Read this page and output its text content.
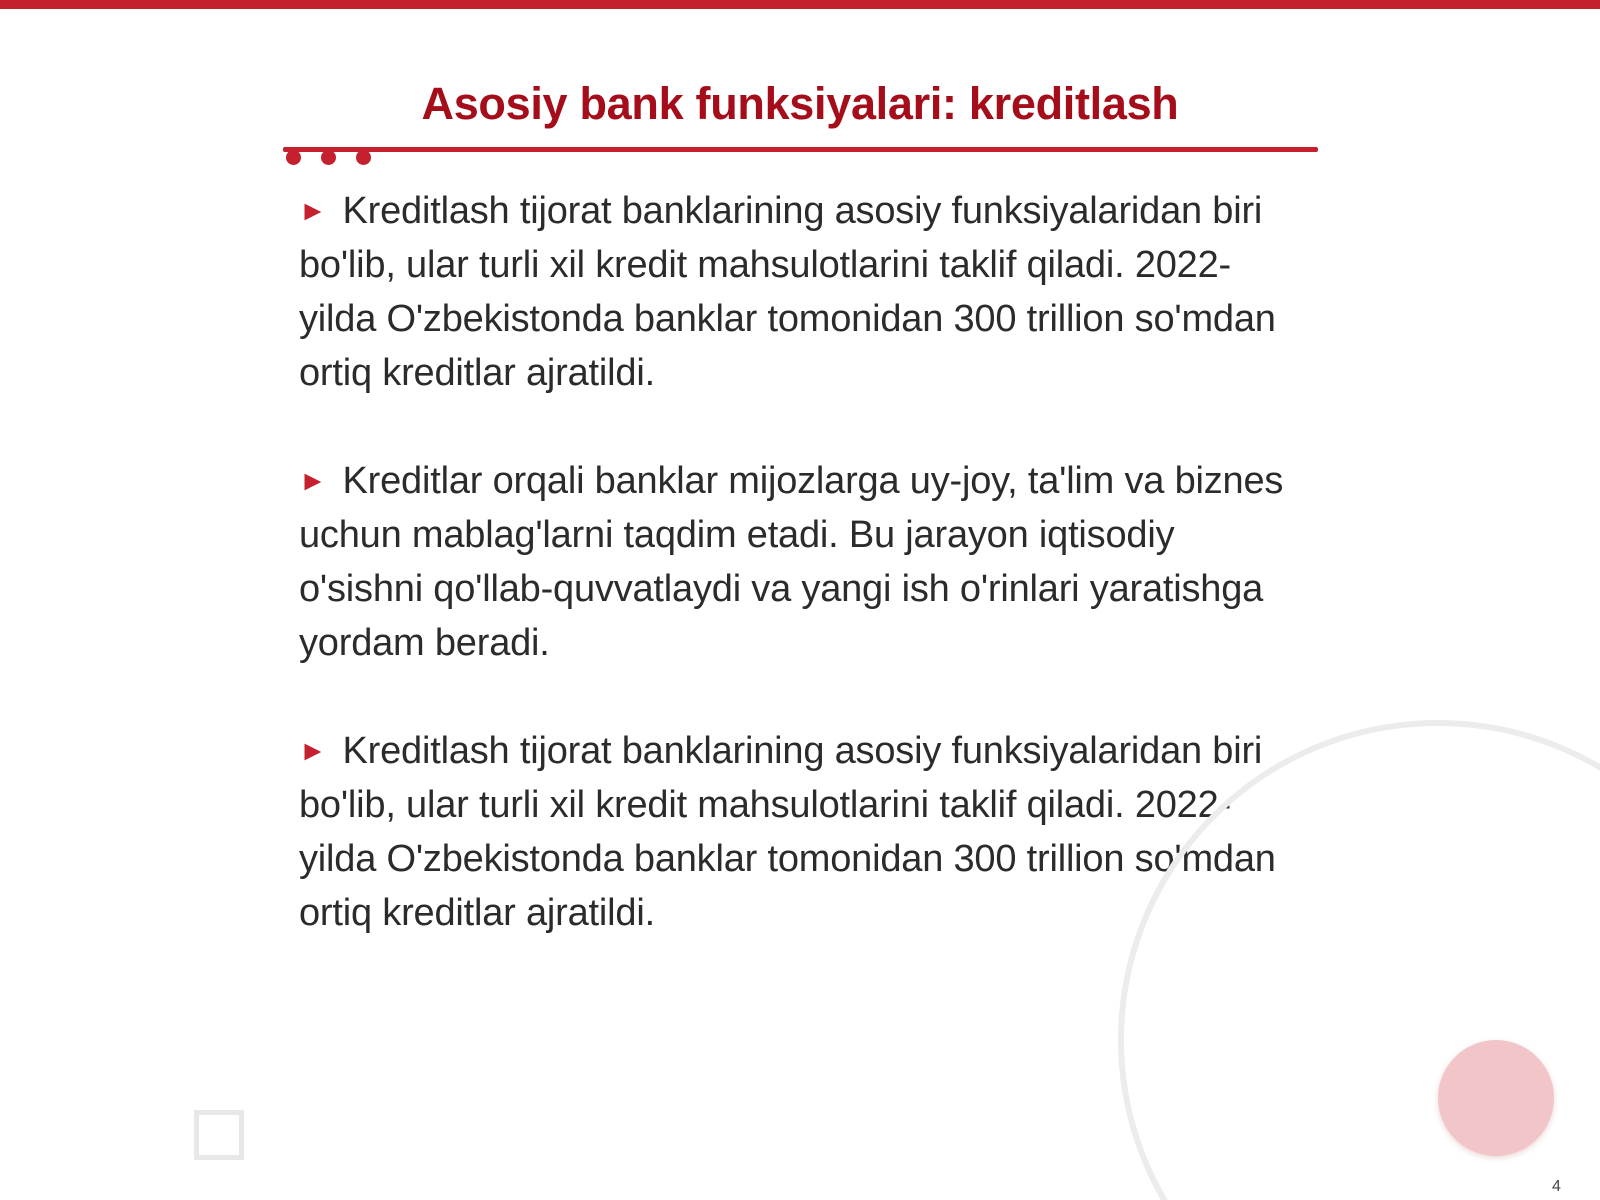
Asosiy bank funksiyalari: kreditlash

► Kreditlash tijorat banklarining asosiy funksiyalaridan biri bo'lib, ular turli xil kredit mahsulotlarini taklif qiladi. 2022-yilda O'zbekistonda banklar tomonidan 300 trillion so'mdan ortiq kreditlar ajratildi.

► Kreditlar orqali banklar mijozlarga uy-joy, ta'lim va biznes uchun mablag'larni taqdim etadi. Bu jarayon iqtisodiy o'sishni qo'llab-quvvatlaydi va yangi ish o'rinlari yaratishga yordam beradi.

► Kreditlash tijorat banklarining asosiy funksiyalaridan biri bo'lib, ular turli xil kredit mahsulotlarini taklif qiladi. 2022-yilda O'zbekistonda banklar tomonidan 300 trillion so'mdan ortiq kreditlar ajratildi.

4
